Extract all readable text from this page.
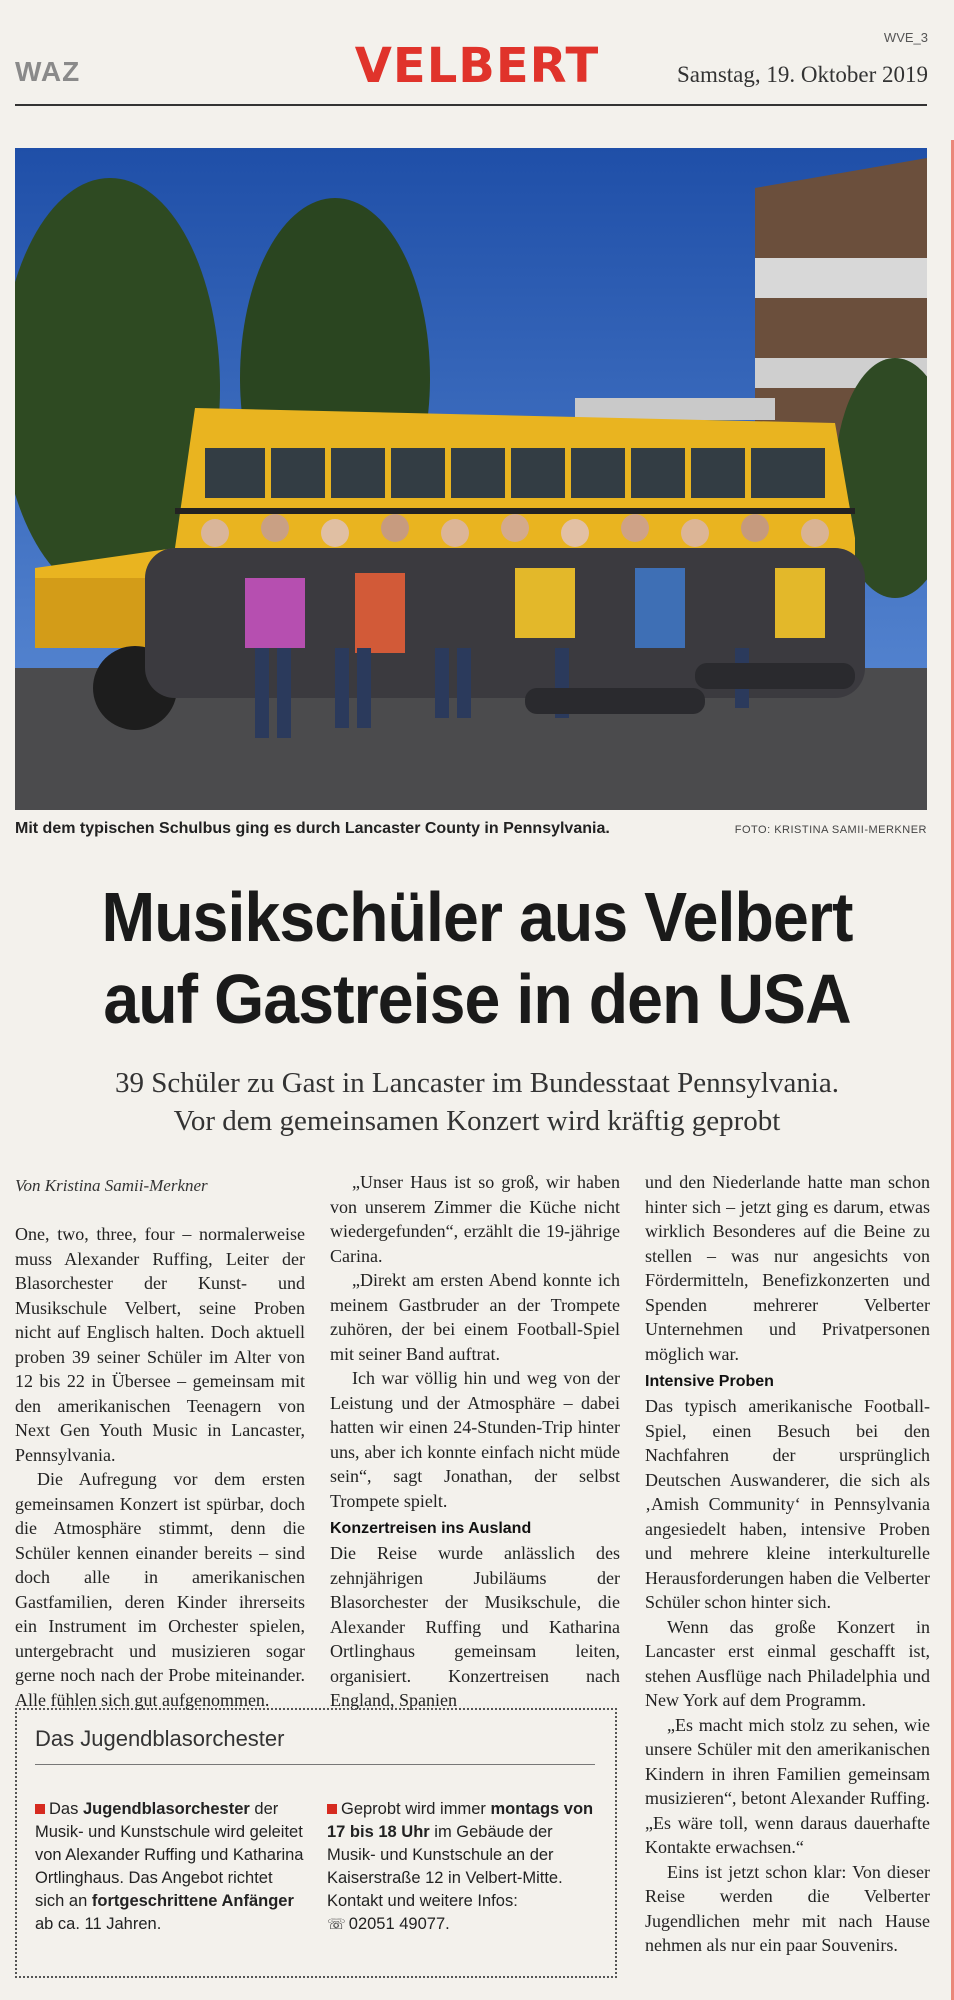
WVE_3
WAZ	VELBERT	Samstag, 19. Oktober 2019
Mit dem typischen Schulbus ging es durch Lancaster County in Pennsylvania.	FOTO: KRISTINA SAMII-MERKNER
Musikschüler aus Velbert
auf Gastreise in den USA
39 Schüler zu Gast in Lancaster im Bundesstaat Pennsylvania.
Vor dem gemeinsamen Konzert wird kräftig geprobt
Von Kristina Samii-Merkner

One, two, three, four – normalerweise muss Alexander Ruffing, Leiter der Blasorchester der Kunst- und Musikschule Velbert, seine Proben nicht auf Englisch halten. Doch aktuell proben 39 seiner Schüler im Alter von 12 bis 22 in Übersee – gemeinsam mit den amerikanischen Teenagern von Next Gen Youth Music in Lancaster, Pennsylvania.

Die Aufregung vor dem ersten gemeinsamen Konzert ist spürbar, doch die Atmosphäre stimmt, denn die Schüler kennen einander bereits – sind doch alle in amerikanischen Gastfamilien, deren Kinder ihrerseits ein Instrument im Orchester spielen, untergebracht und musizieren sogar gerne noch nach der Probe miteinander. Alle fühlen sich gut aufgenommen.

„Unser Haus ist so groß, wir haben von unserem Zimmer die Küche nicht wiedergefunden“, erzählt die 19-jährige Carina.

„Direkt am ersten Abend konnte ich meinem Gastbruder an der Trompete zuhören, der bei einem Football-Spiel mit seiner Band auftrat.

Ich war völlig hin und weg von der Leistung und der Atmosphäre – dabei hatten wir einen 24-Stunden-Trip hinter uns, aber ich konnte einfach nicht müde sein“, sagt Jonathan, der selbst Trompete spielt.

Konzertreisen ins Ausland

Die Reise wurde anlässlich des zehnjährigen Jubiläums der Blasorchester der Musikschule, die Alexander Ruffing und Katharina Ortlinghaus gemeinsam leiten, organisiert. Konzertreisen nach England, Spanien

und den Niederlande hatte man schon hinter sich – jetzt ging es darum, etwas wirklich Besonderes auf die Beine zu stellen – was nur angesichts von Fördermitteln, Benefizkonzerten und Spenden mehrerer Velberter Unternehmen und Privatpersonen möglich war.

Intensive Proben

Das typisch amerikanische Football-Spiel, einen Besuch bei den Nachfahren der ursprünglich Deutschen Auswanderer, die sich als ‚Amish Community‘ in Pennsylvania angesiedelt haben, intensive Proben und mehrere kleine interkulturelle Herausforderungen haben die Velberter Schüler schon hinter sich.

Wenn das große Konzert in Lancaster erst einmal geschafft ist, stehen Ausflüge nach Philadelphia und New York auf dem Programm.

„Es macht mich stolz zu sehen, wie unsere Schüler mit den amerikanischen Kindern in ihren Familien gemeinsam musizieren“, betont Alexander Ruffing. „Es wäre toll, wenn daraus dauerhafte Kontakte erwachsen.“

Eins ist jetzt schon klar: Von dieser Reise werden die Velberter Jugendlichen mehr mit nach Hause nehmen als nur ein paar Souvenirs.

Das Jugendblasorchester
Das Jugendblasorchester der Musik- und Kunstschule wird geleitet von Alexander Ruffing und Katharina Ortlinghaus. Das Angebot richtet sich an fortgeschrittene Anfänger ab ca. 11 Jahren.
Geprobt wird immer montags von 17 bis 18 Uhr im Gebäude der Musik- und Kunstschule an der Kaiserstraße 12 in Velbert-Mitte. Kontakt und weitere Infos:
☏ 02051 49077.
